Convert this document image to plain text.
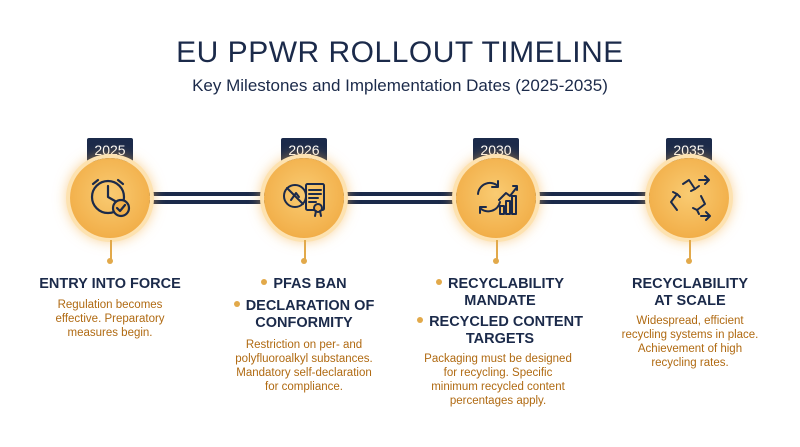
EU PPWR ROLLOUT TIMELINE
Key Milestones and Implementation Dates (2025-2035)
2025
ENTRY INTO FORCE
Regulation becomes
effective. Preparatory
measures begin.
2026
PFAS BAN
DECLARATION OF
CONFORMITY
Restriction on per- and
polyfluoroalkyl substances.
Mandatory self-declaration
for compliance.
2030
RECYCLABILITY
MANDATE
RECYCLED CONTENT
TARGETS
Packaging must be designed
for recycling. Specific
minimum recycled content
percentages apply.
2035
RECYCLABILITY
AT SCALE
Widespread, efficient
recycling systems in place.
Achievement of high
recycling rates.
